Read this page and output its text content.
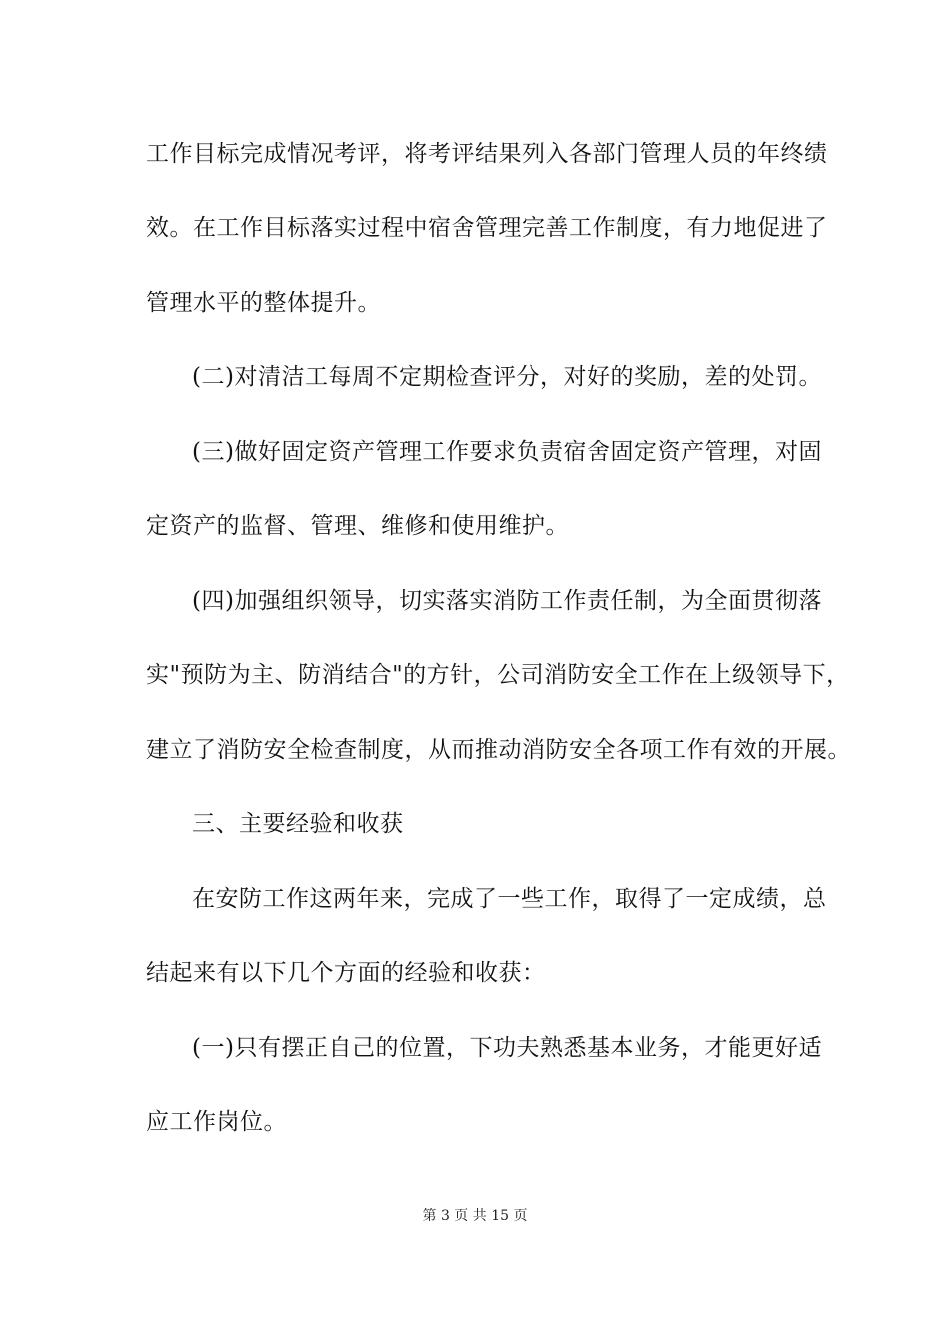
工作目标完成情况考评，将考评结果列入各部门管理人员的年终绩
效。在工作目标落实过程中宿舍管理完善工作制度，有力地促进了
管理水平的整体提升。
(二)对清洁工每周不定期检查评分，对好的奖励，差的处罚。
(三)做好固定资产管理工作要求负责宿舍固定资产管理，对固
定资产的监督、管理、维修和使用维护。
(四)加强组织领导，切实落实消防工作责任制，为全面贯彻落
实"预防为主、防消结合"的方针，公司消防安全工作在上级领导下，
建立了消防安全检查制度，从而推动消防安全各项工作有效的开展。
三、主要经验和收获
在安防工作这两年来，完成了一些工作，取得了一定成绩，总
结起来有以下几个方面的经验和收获：
(一)只有摆正自己的位置，下功夫熟悉基本业务，才能更好适
应工作岗位。
第 3 页 共 15 页
